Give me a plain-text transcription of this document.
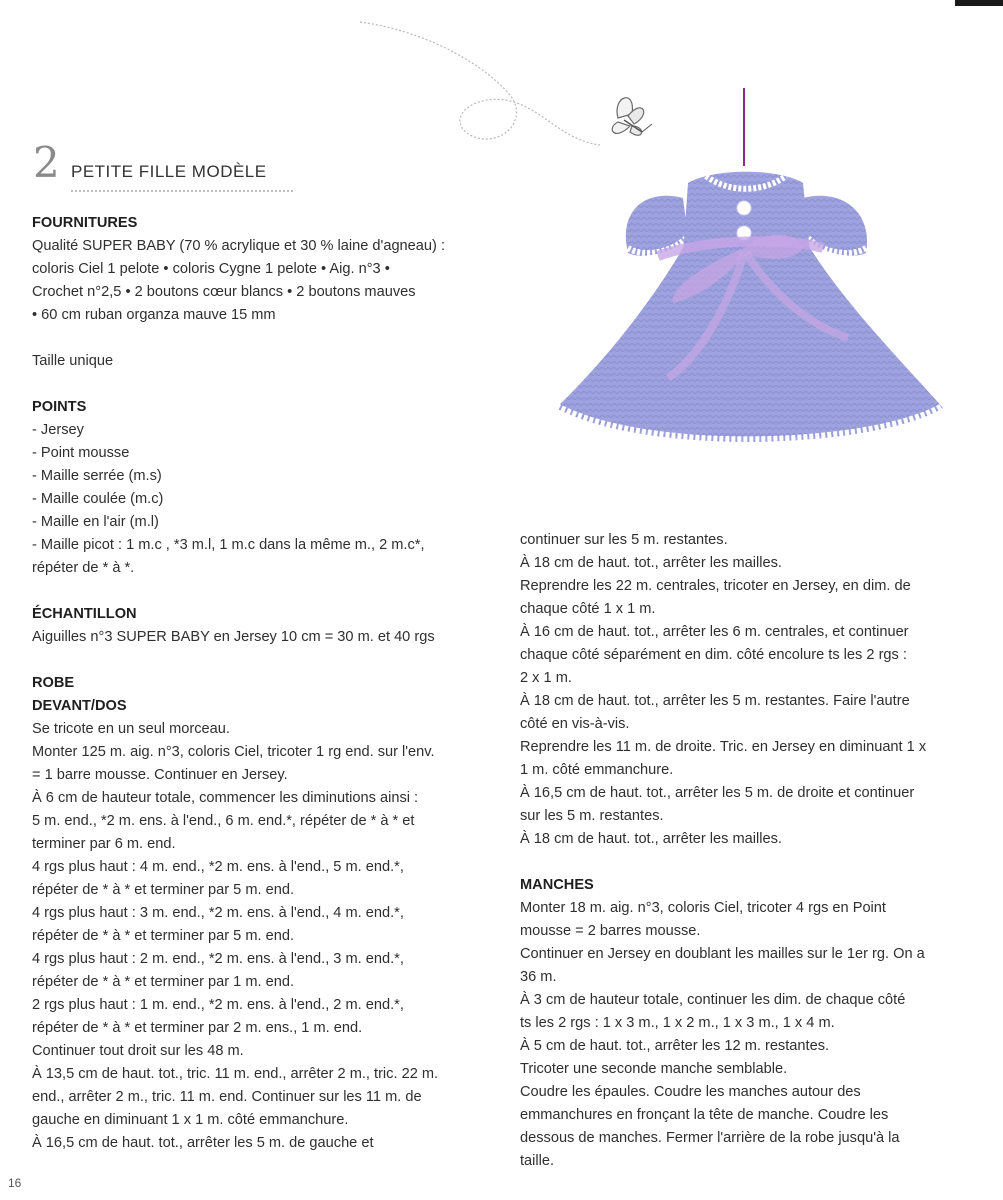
2 PETITE FILLE MODÈLE
FOURNITURES

Qualité SUPER BABY (70 % acrylique et 30 % laine d'agneau) :

coloris Ciel 1 pelote • coloris Cygne 1 pelote • Aig. n°3 •

Crochet n°2,5 • 2 boutons cœur blancs • 2 boutons mauves

• 60 cm ruban organza mauve 15 mm

Taille unique

POINTS

- Jersey

- Point mousse

- Maille serrée (m.s)

- Maille coulée (m.c)

- Maille en l'air (m.l)

- Maille picot : 1 m.c , *3 m.l, 1 m.c dans la même m., 2 m.c*,

répéter de * à *.

ÉCHANTILLON

Aiguilles n°3 SUPER BABY en Jersey 10 cm = 30 m. et 40 rgs

ROBE
DEVANT/DOS

Se tricote en un seul morceau.

Monter 125 m. aig. n°3, coloris Ciel, tricoter 1 rg end. sur l'env.

= 1 barre mousse. Continuer en Jersey.

À 6 cm de hauteur totale, commencer les diminutions ainsi :

5 m. end., *2 m. ens. à l'end., 6 m. end.*, répéter de * à * et

terminer par 6 m. end.

4 rgs plus haut : 4 m. end., *2 m. ens. à l'end., 5 m. end.*,

répéter de * à * et terminer par 5 m. end.

4 rgs plus haut : 3 m. end., *2 m. ens. à l'end., 4 m. end.*,

répéter de * à * et terminer par 5 m. end.

4 rgs plus haut : 2 m. end., *2 m. ens. à l'end., 3 m. end.*,

répéter de * à * et terminer par 1 m. end.

2 rgs plus haut : 1 m. end., *2 m. ens. à l'end., 2 m. end.*,

répéter de * à * et terminer par 2 m. ens., 1 m. end.

Continuer tout droit sur les 48 m.

À 13,5 cm de haut. tot., tric. 11 m. end., arrêter 2 m., tric. 22 m.

end., arrêter 2 m., tric. 11 m. end. Continuer sur les 11 m. de

gauche en diminuant 1 x 1 m. côté emmanchure.

À 16,5 cm de haut. tot., arrêter les 5 m. de gauche et

continuer sur les 5 m. restantes.

À 18 cm de haut. tot., arrêter les mailles.

Reprendre les 22 m. centrales, tricoter en Jersey, en dim. de

chaque côté 1 x 1 m.

À 16 cm de haut. tot., arrêter les 6 m. centrales, et continuer

chaque côté séparément en dim. côté encolure ts les 2 rgs :

2 x 1 m.

À 18 cm de haut. tot., arrêter les 5 m. restantes. Faire l'autre

côté en vis-à-vis.

Reprendre les 11 m. de droite. Tric. en Jersey en diminuant 1 x

1 m. côté emmanchure.

À 16,5 cm de haut. tot., arrêter les 5 m. de droite et continuer

sur les 5 m. restantes.

À 18 cm de haut. tot., arrêter les mailles.

MANCHES

Monter 18 m. aig. n°3, coloris Ciel, tricoter 4 rgs en Point

mousse = 2 barres mousse.

Continuer en Jersey en doublant les mailles sur le 1er rg. On a

36 m.

À 3 cm de hauteur totale, continuer les dim. de chaque côté

ts les 2 rgs : 1 x 3 m., 1 x 2 m., 1 x 3 m., 1 x 4 m.

À 5 cm de haut. tot., arrêter les 12 m. restantes.

Tricoter une seconde manche semblable.

Coudre les épaules. Coudre les manches autour des

emmanchures en fronçant la tête de manche. Coudre les

dessous de manches. Fermer l'arrière de la robe jusqu'à la

taille.

16
